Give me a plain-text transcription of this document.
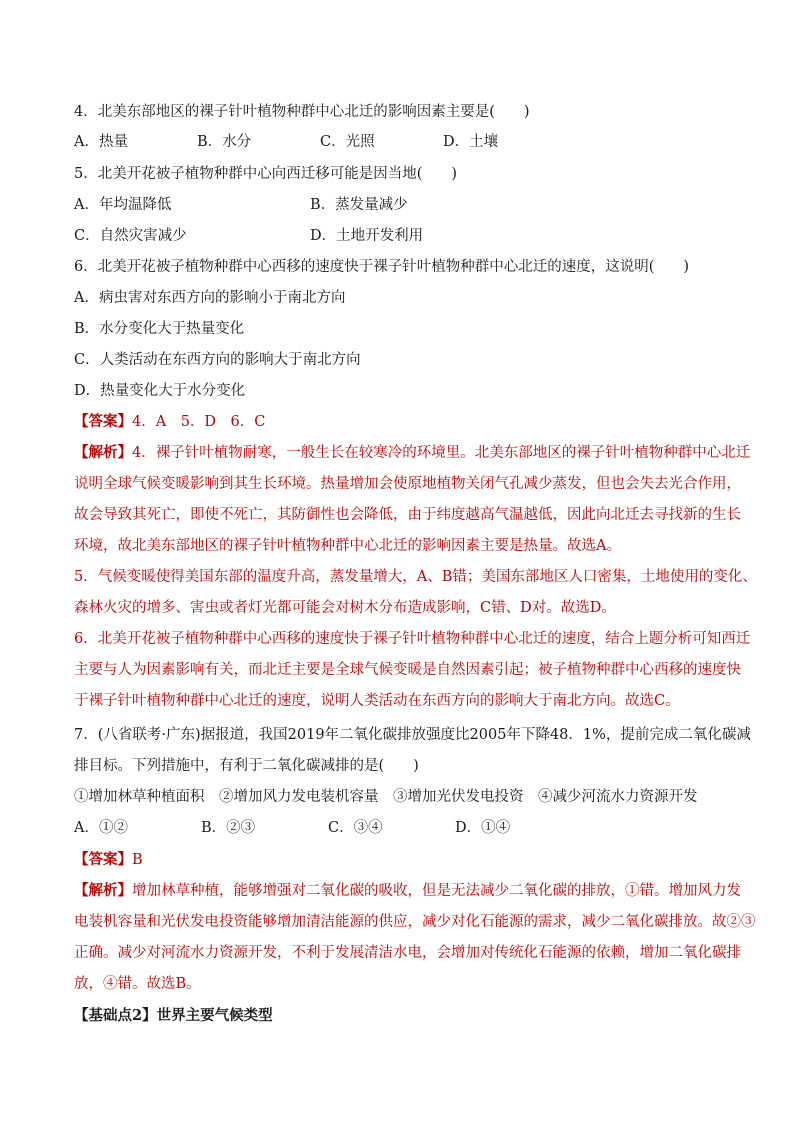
4．北美东部地区的裸子针叶植物种群中心北迁的影响因素主要是(　　)
A．热量	B．水分	C．光照	D．土壤
5．北美开花被子植物种群中心向西迁移可能是因当地(　　)
A．年均温降低	B．蒸发量减少
C．自然灾害减少	D．土地开发利用
6．北美开花被子植物种群中心西移的速度快于裸子针叶植物种群中心北迁的速度，这说明(　　)
A．病虫害对东西方向的影响小于南北方向
B．水分变化大于热量变化
C．人类活动在东西方向的影响大于南北方向
D．热量变化大于水分变化
【答案】4．A　5．D　6．C
【解析】4．裸子针叶植物耐寒，一般生长在较寒冷的环境里。北美东部地区的裸子针叶植物种群中心北迁
说明全球气候变暖影响到其生长环境。热量增加会使原地植物关闭气孔减少蒸发，但也会失去光合作用，
故会导致其死亡，即使不死亡，其防御性也会降低，由于纬度越高气温越低，因此向北迁去寻找新的生长
环境，故北美东部地区的裸子针叶植物种群中心北迁的影响因素主要是热量。故选A。
5．气候变暖使得美国东部的温度升高，蒸发量增大，A、B错；美国东部地区人口密集，土地使用的变化、
森林火灾的增多、害虫或者灯光都可能会对树木分布造成影响，C错、D对。故选D。
6．北美开花被子植物种群中心西移的速度快于裸子针叶植物种群中心北迁的速度，结合上题分析可知西迁
主要与人为因素影响有关，而北迁主要是全球气候变暖是自然因素引起；被子植物种群中心西移的速度快
于裸子针叶植物种群中心北迁的速度，说明人类活动在东西方向的影响大于南北方向。故选C。
7．(八省联考·广东)据报道，我国2019年二氧化碳排放强度比2005年下降48．1%，提前完成二氧化碳减
排目标。下列措施中，有利于二氧化碳减排的是(　　)
①增加林草种植面积　②增加风力发电装机容量　③增加光伏发电投资　④减少河流水力资源开发
A．①②	B．②③	C．③④	D．①④
【答案】B
【解析】增加林草种植，能够增强对二氧化碳的吸收，但是无法减少二氧化碳的排放，①错。增加风力发
电装机容量和光伏发电投资能够增加清洁能源的供应，减少对化石能源的需求，减少二氧化碳排放。故②③
正确。减少对河流水力资源开发，不利于发展清洁水电，会增加对传统化石能源的依赖，增加二氧化碳排
放，④错。故选B。
【基础点2】世界主要气候类型
